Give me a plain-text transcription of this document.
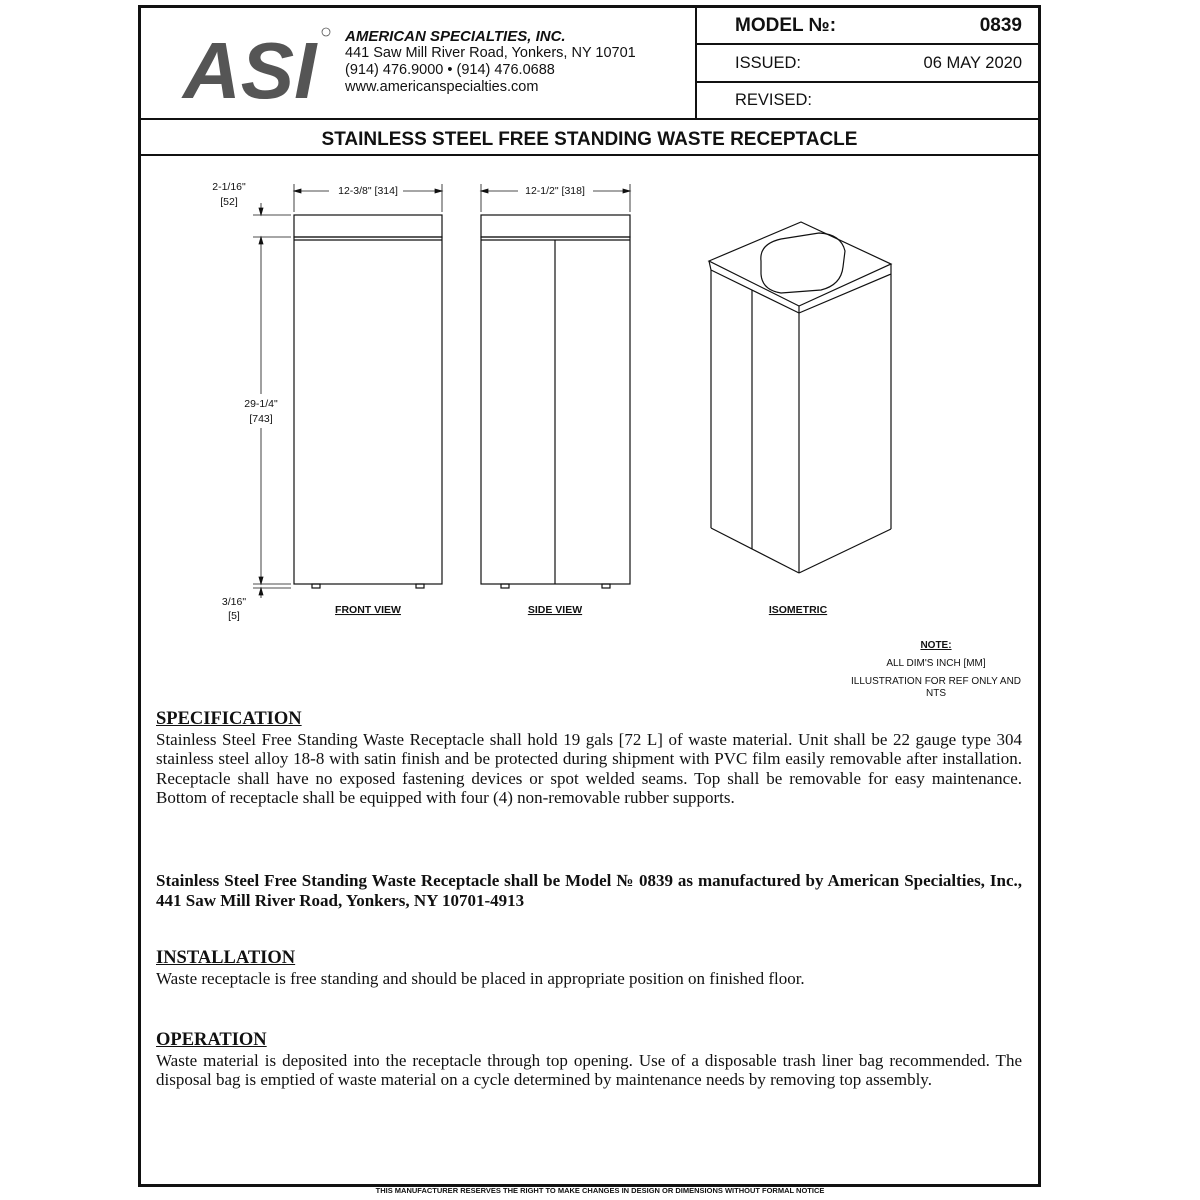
ASI AMERICAN SPECIALTIES, INC.
441 Saw Mill River Road, Yonkers, NY 10701
(914) 476.9000 • (914) 476.0688
www.americanspecialties.com
MODEL №:	0839
ISSUED:	06 MAY 2020
REVISED:
STAINLESS STEEL FREE STANDING WASTE RECEPTACLE
12-3/8" [314]	12-1/2" [318]
2-1/16"
[52]
29-1/4"
[743]
3/16"
[5]	FRONT VIEW	SIDE VIEW	ISOMETRIC
NOTE:
ALL DIM'S INCH [MM]
ILLUSTRATION FOR REF ONLY AND NTS
SPECIFICATION
Stainless Steel Free Standing Waste Receptacle shall hold 19 gals [72 L] of waste material. Unit shall be 22 gauge type 304 stainless steel alloy 18-8 with satin finish and be protected during shipment with PVC film easily removable after installation. Receptacle shall have no exposed fastening devices or spot welded seams. Top shall be removable for easy maintenance. Bottom of receptacle shall be equipped with four (4) non-removable rubber supports.
Stainless Steel Free Standing Waste Receptacle shall be Model № 0839 as manufactured by American Specialties, Inc., 441 Saw Mill River Road, Yonkers, NY 10701-4913
INSTALLATION
Waste receptacle is free standing and should be placed in appropriate position on finished floor.
OPERATION
Waste material is deposited into the receptacle through top opening. Use of a disposable trash liner bag recommended. The disposal bag is emptied of waste material on a cycle determined by maintenance needs by removing top assembly.
THIS MANUFACTURER RESERVES THE RIGHT TO MAKE CHANGES IN DESIGN OR DIMENSIONS WITHOUT FORMAL NOTICE
